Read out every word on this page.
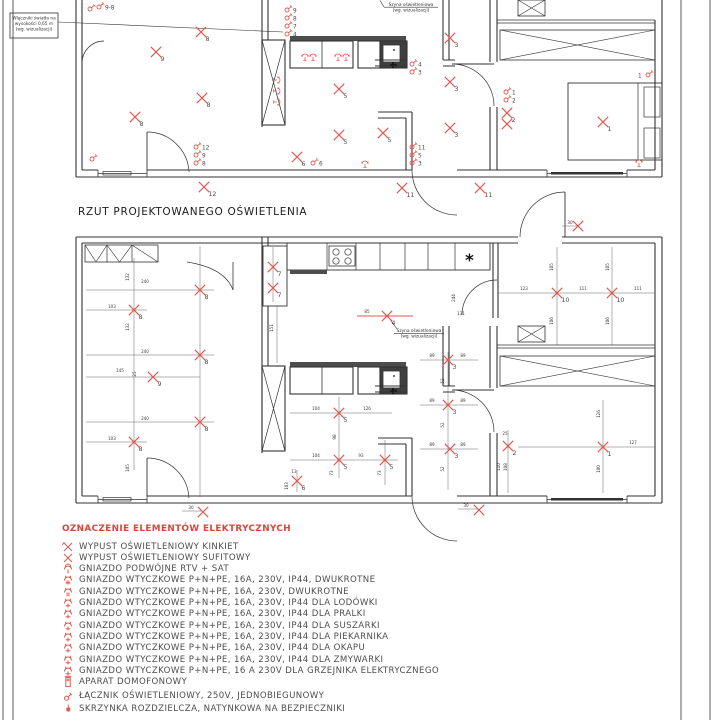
8
9
8
8
5
5	5
3
3
3
2
1
6
12	11	11
9-8	9
8
7
4
12
9
8
4
3
1
2
11
5
3
1
6
8
8
8
9
8
8
7
7
4
5
5	5
6
10	10
3
3
3	2	1
132
240
103
132
240
145
25
240
103
105
30
151
85
104	126
98
104	93
73	73
13
103
123	111	111
105	105
106	106
30
244
131
89	89
52
89	89
52
89	89
52
30
25
110 108
127
126
100
Włączniki światła na
wysokości 0,65 m
(wg. wizualizacji)
Szyna oświetleniowa
(wg. wizualizacji)
Szyna oświetleniowa
(wg. wizualizacji)
*
RZUT PROJEKTOWANEGO OŚWIETLENIA
OZNACZENIE ELEMENTÓW ELEKTRYCZNYCH
WYPUST OŚWIETLENIOWY KINKIET
WYPUST OŚWIETLENIOWY SUFITOWY
GNIAZDO PODWÓJNE RTV + SAT
GNIAZDO WTYCZKOWE P+N+PE, 16A, 230V, IP44, DWUKROTNE
GNIAZDO WTYCZKOWE P+N+PE, 16A, 230V, DWUKROTNE
GNIAZDO WTYCZKOWE P+N+PE, 16A, 230V, IP44 DLA LODÓWKI
GNIAZDO WTYCZKOWE P+N+PE, 16A, 230V, IP44 DLA PRALKI
GNIAZDO WTYCZKOWE P+N+PE, 16A, 230V, IP44 DLA SUSZARKI
GNIAZDO WTYCZKOWE P+N+PE, 16A, 230V, IP44 DLA PIEKARNIKA
GNIAZDO WTYCZKOWE P+N+PE, 16A, 230V, IP44 DLA OKAPU
GNIAZDO WTYCZKOWE P+N+PE, 16A, 230V, IP44 DLA ZMYWARKI
GNIAZDO WTYCZKOWE P+N+PE, 16 A 230V DLA GRZEJNIKA ELEKTRYCZNEGO
APARAT DOMOFONOWY
ŁĄCZNIK OŚWIETLENIOWY, 250V, JEDNOBIEGUNOWY
SKRZYNKA ROZDZIELCZA, NATYNKOWA NA BEZPIECZNIKI
